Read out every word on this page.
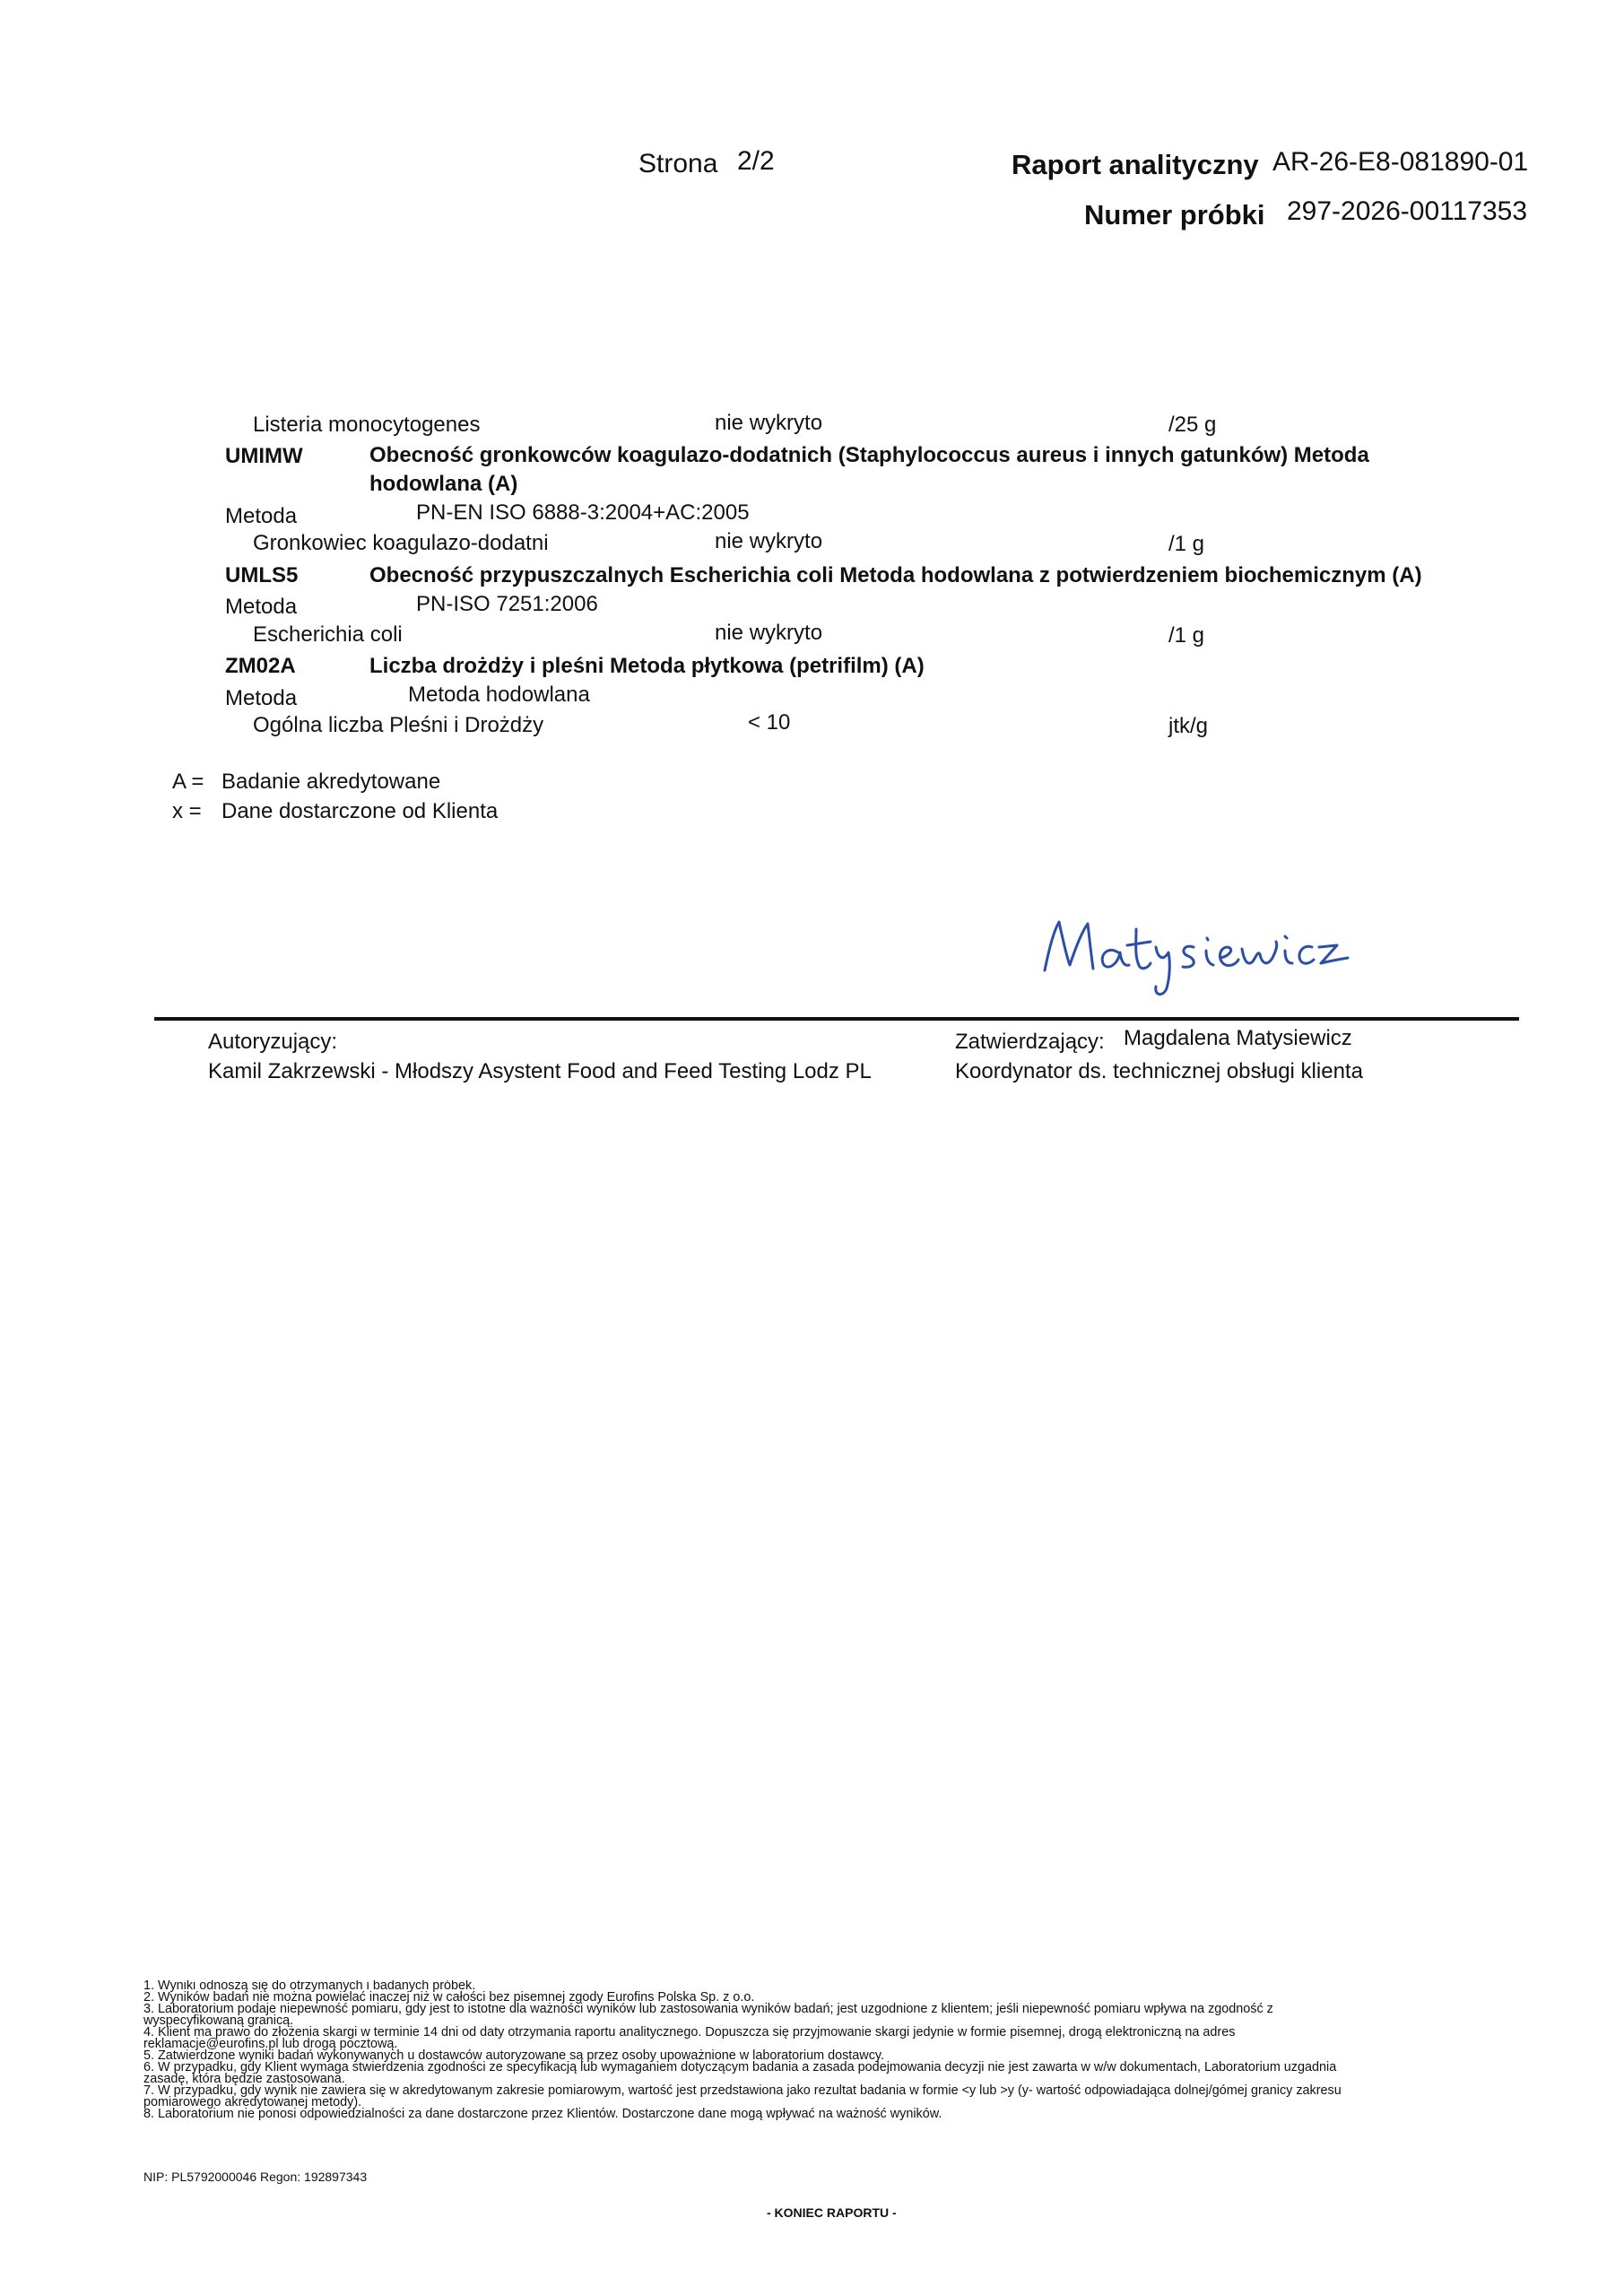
Strona 2/2	Raport analityczny AR-26-E8-081890-01
Numer próbki 297-2026-00117353
Listeria monocytogenes	nie wykryto	/25 g
UMIMW	Obecność gronkowców koagulazo-dodatnich (Staphylococcus aureus i innych gatunków) Metoda hodowlana (A)
Metoda	PN-EN ISO 6888-3:2004+AC:2005
Gronkowiec koagulazo-dodatni	nie wykryto	/1 g
UMLS5	Obecność przypuszczalnych Escherichia coli Metoda hodowlana z potwierdzeniem biochemicznym (A)
Metoda	PN-ISO 7251:2006
Escherichia coli	nie wykryto	/1 g
ZM02A	Liczba drożdży i pleśni Metoda płytkowa (petrifilm) (A)
Metoda	Metoda hodowlana
Ogólna liczba Pleśni i Drożdży	< 10	jtk/g
A = Badanie akredytowane
x = Dane dostarczone od Klienta
Autoryzujący:
Kamil Zakrzewski - Młodszy Asystent Food and Feed Testing Lodz PL
Zatwierdzający: Magdalena Matysiewicz
Koordynator ds. technicznej obsługi klienta
1. Wyniki odnoszą się do otrzymanych i badanych próbek.
2. Wyników badań nie można powielać inaczej niż w całości bez pisemnej zgody Eurofins Polska Sp. z o.o.
3. Laboratorium podaje niepewność pomiaru, gdy jest to istotne dla ważności wyników lub zastosowania wyników badań; jest uzgodnione z klientem; jeśli niepewność pomiaru wpływa na zgodność z
wyspecyfikowaną granicą.
4. Klient ma prawo do złożenia skargi w terminie 14 dni od daty otrzymania raportu analitycznego. Dopuszcza się przyjmowanie skargi jedynie w formie pisemnej, drogą elektroniczną na adres
reklamacje@eurofins.pl lub drogą pocztową.
5. Zatwierdzone wyniki badań wykonywanych u dostawców autoryzowane są przez osoby upoważnione w laboratorium dostawcy.
6. W przypadku, gdy Klient wymaga stwierdzenia zgodności ze specyfikacją lub wymaganiem dotyczącym badania a zasada podejmowania decyzji nie jest zawarta w w/w dokumentach, Laboratorium uzgadnia
zasadę, która będzie zastosowana.
7. W przypadku, gdy wynik nie zawiera się w akredytowanym zakresie pomiarowym, wartość jest przedstawiona jako rezultat badania w formie <y lub >y (y- wartość odpowiadająca dolnej/gómej granicy zakresu
pomiarowego akredytowanej metody).
8. Laboratorium nie ponosi odpowiedzialności za dane dostarczone przez Klientów. Dostarczone dane mogą wpływać na ważność wyników.
NIP: PL5792000046 Regon: 192897343
- KONIEC RAPORTU -
